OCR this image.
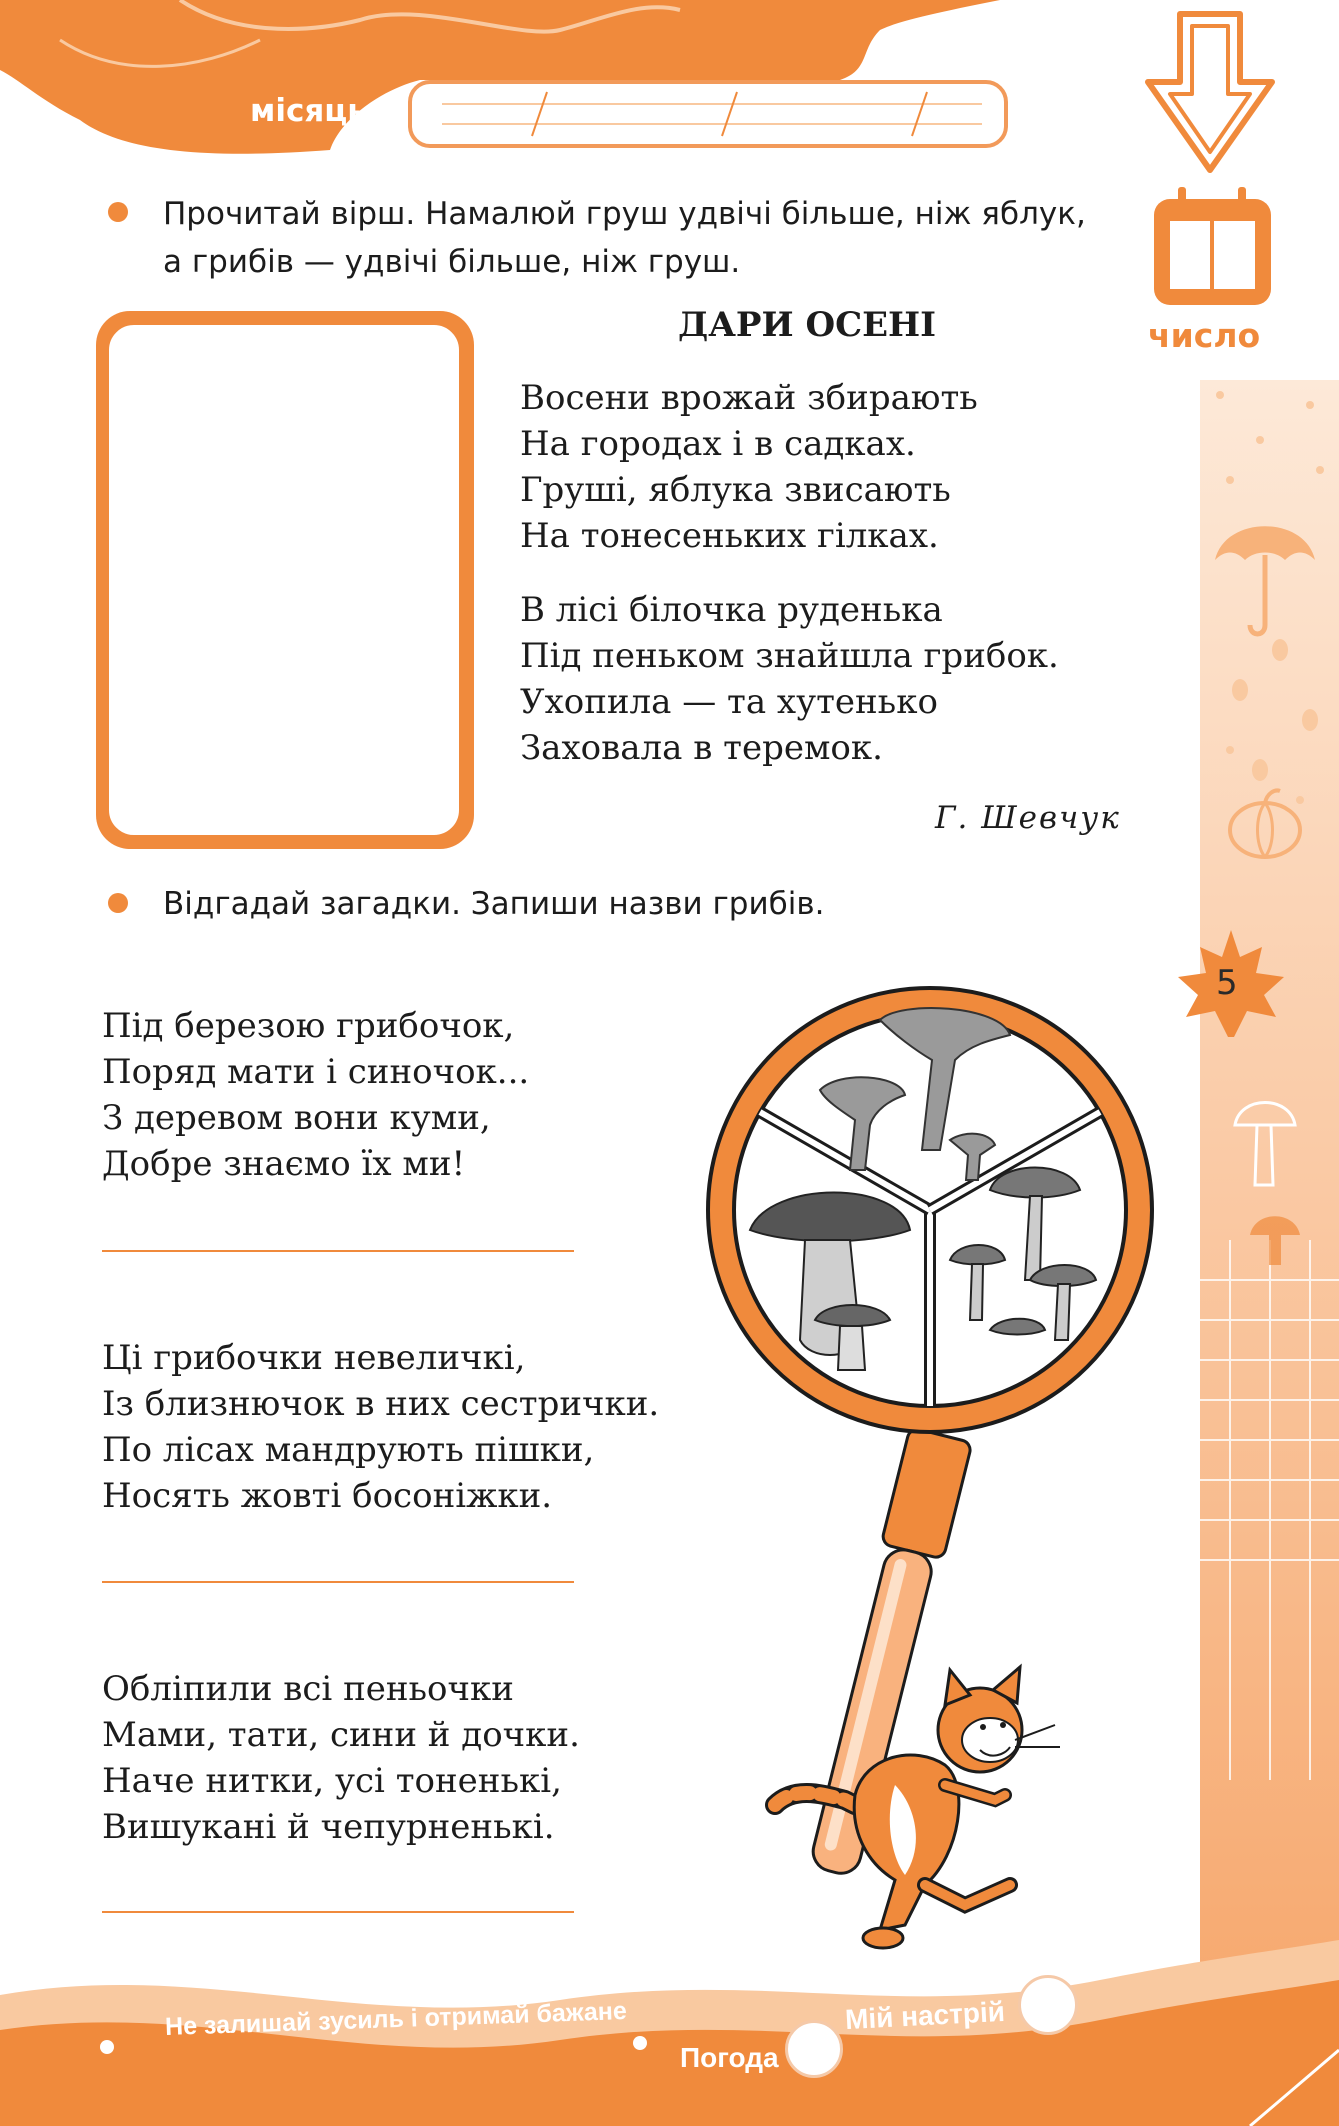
місяць
5
число
Прочитай вірш. Намалюй груш удвічі більше, ніж яблук,
а грибів — удвічі більше, ніж груш.
ДАРИ ОСЕНІ
Восени врожай збирають
На городах і в садках.
Груші, яблука звисають
На тонесеньких гілках.
В лісі білочка руденька
Під пеньком знайшла грибок.
Ухопила — та хутенько
Заховала в теремок.
Г. Шевчук
Відгадай загадки. Запиши назви грибів.
Під березою грибочок,
Поряд мати і синочок...
З деревом вони куми,
Добре знаємо їх ми!
Ці грибочки невеличкі,
Із близнючок в них сестрички.
По лісах мандрують пішки,
Носять жовті босоніжки.
Обліпили всі пеньочки
Мами, тати, сини й дочки.
Наче нитки, усі тоненькі,
Вишукані й чепурненькі.
Не залишай зусиль і отримай бажане
Погода
Мій настрій
